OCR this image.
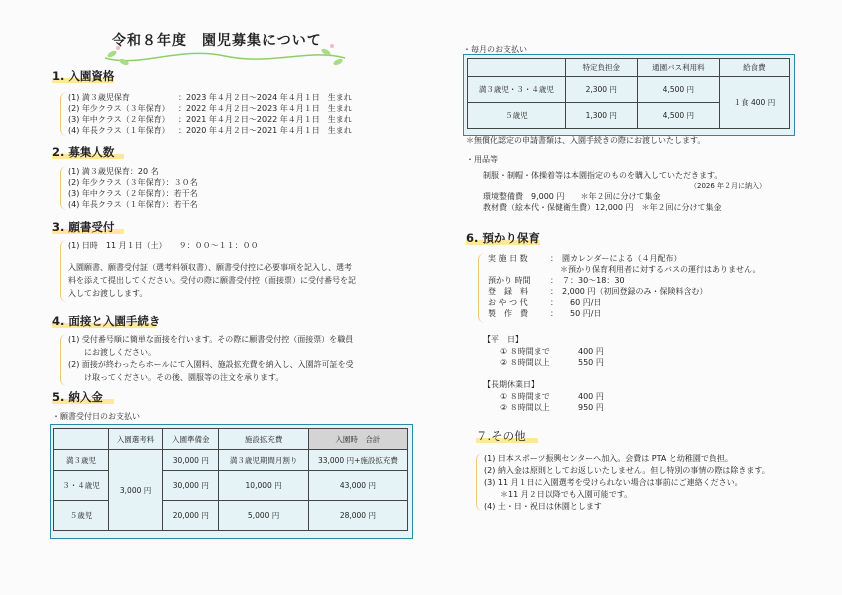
令和８年度　園児募集について
1. 入園資格
(1) 満３歳児保育	：2023 年４月２日～2024 年４月１日　生まれ
(2) 年少クラス（３年保育）	：2022 年４月２日～2023 年４月１日　生まれ
(3) 年中クラス（２年保育）	：2021 年４月２日～2022 年４月１日　生まれ
(4) 年長クラス（１年保育）	：2020 年４月２日～2021 年４月１日　生まれ
2. 募集人数
(1) 満３歳児保育：20 名
(2) 年少クラス（３年保育）：３０名
(3) 年中クラス（２年保育）：若干名
(4) 年長クラス（１年保育）：若干名
3. 願書受付
(1) 日時　11 月１日（土）　　９：００～１１：００
入園願書、願書受付証（選考料領収書）、願書受付控に必要事項を記入し、選考
料を添えて提出してください。受付の際に願書受付控（面接票）に受付番号を記
入してお渡しします。
4. 面接と入園手続き
(1) 受付番号順に簡単な面接を行います。その際に願書受付控（面接票）を職員
　　にお渡しください。
(2) 面接が終わったらホールにて入園料、施設拡充費を納入し、入園許可証を受
　　け取ってください。その後、園服等の注文を承ります。
5. 納入金
・願書受付日のお支払い
	入園選考料	入園準備金	施設拡充費	入園時　合計
満３歳児	3,000 円	30,000 円	満３歳児期間月割り	33,000 円+施設拡充費
３・４歳児		30,000 円	10,000 円	43,000 円
５歳児		20,000 円	5,000 円	28,000 円
・毎月のお支払い
	特定負担金	通園バス利用料	給食費
満３歳児・３・４歳児	2,300 円	4,500 円	１食 400 円
５歳児	1,300 円	4,500 円	
＊無償化認定の申請書類は、入園手続きの際にお渡しいたします。
・用品等
制服・制帽・体操着等は本園指定のものを購入していただきます。
（2026 年２月に納入）
環境整備費　9,000 円　　＊年２回に分けて集金
教材費（絵本代・保健衛生費）12,000 円　＊年２回に分けて集金
6. 預かり保育
実 施 日 数	：　園カレンダーによる（４月配布）
＊預かり保育利用者に対するバスの運行はありません。
預かり 時間	：　７：30～18：30
登　録　料	：　2,000 円（初回登録のみ・保険料含む）
お や つ 代	：　　60 円/日
製　作　費	：　　50 円/日
【平　日】
① ８時間まで	400 円
② ８時間以上	550 円
【長期休業日】
① ８時間まで	400 円
② ８時間以上	950 円
７.その他
(1) 日本スポーツ振興センターへ加入。会費は PTA と幼稚園で負担。
(2) 納入金は原則としてお返しいたしません。但し特別の事情の際は除きます。
(3) 11 月１日に入園選考を受けられない場合は事前にご連絡ください。
　　＊11 月２日以降でも入園可能です。
(4) 土・日・祝日は休園とします
